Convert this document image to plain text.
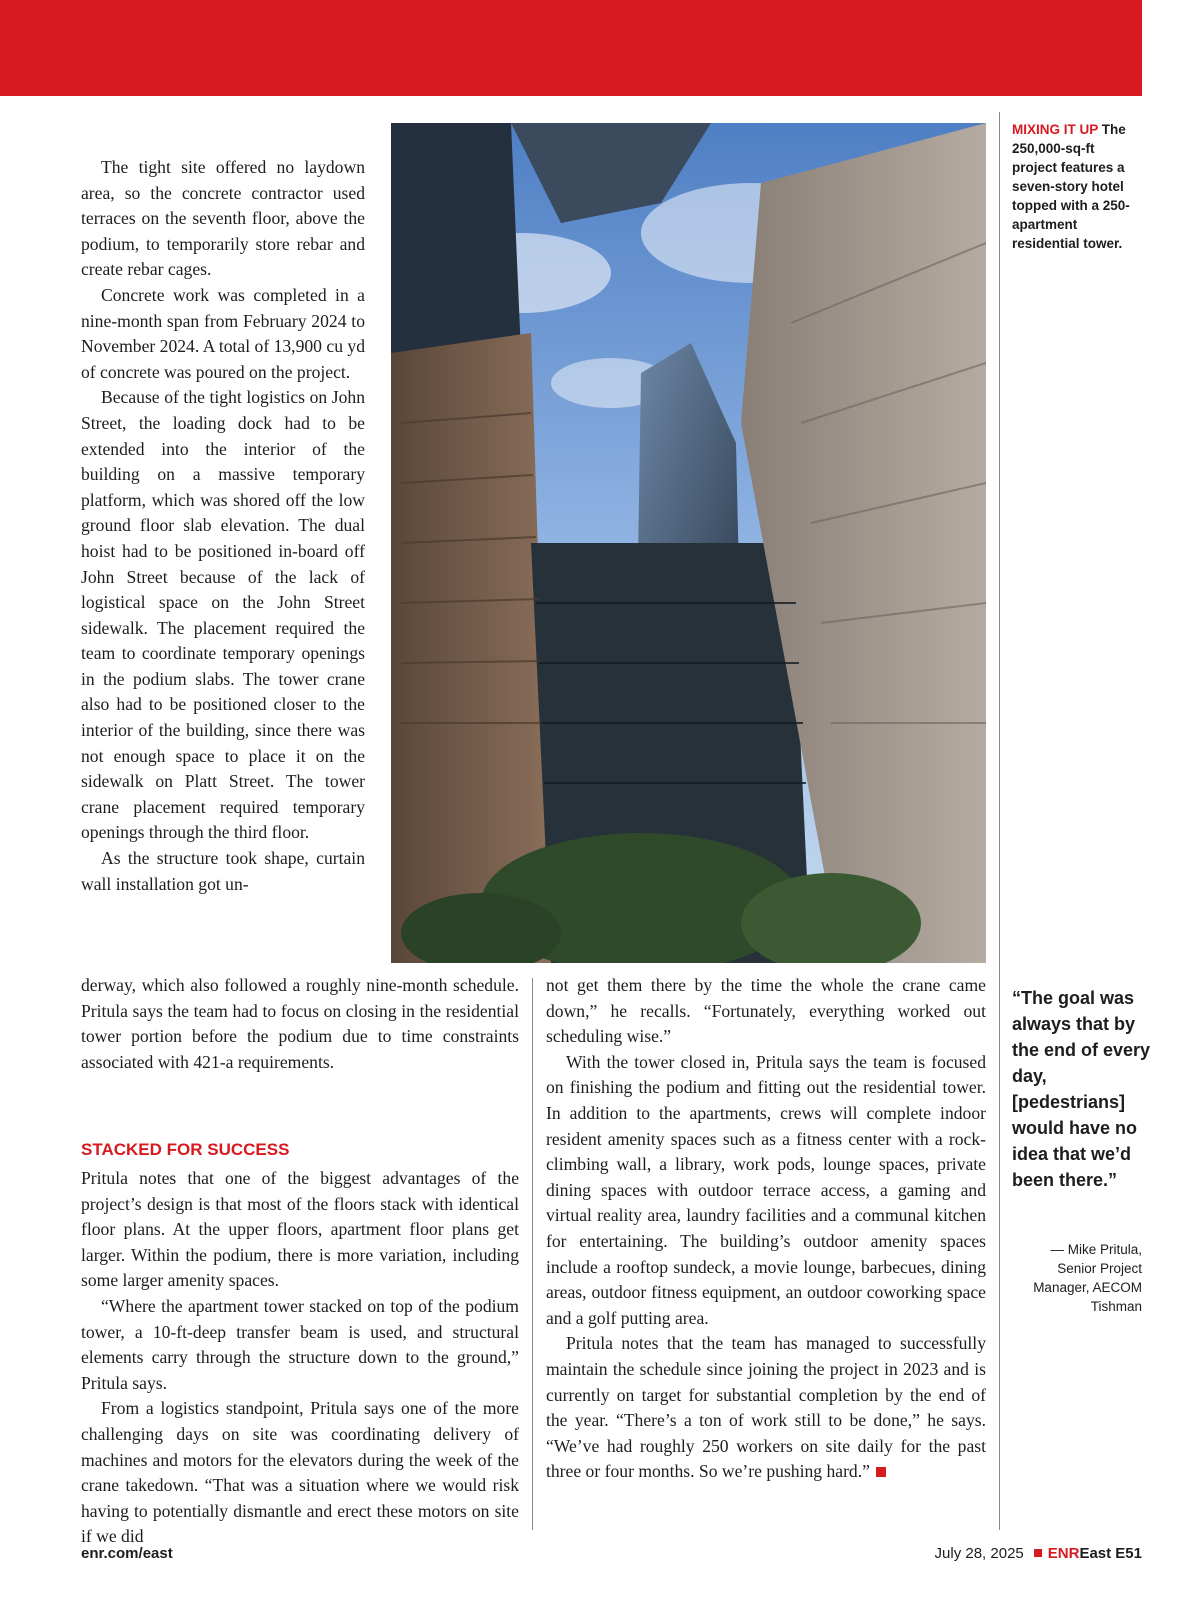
The tight site offered no laydown area, so the concrete contractor used terraces on the seventh floor, above the podium, to temporarily store rebar and create rebar cages.

Concrete work was completed in a nine-month span from February 2024 to November 2024. A total of 13,900 cu yd of concrete was poured on the project.

Because of the tight logistics on John Street, the loading dock had to be extended into the interior of the building on a massive temporary platform, which was shored off the low ground floor slab elevation. The dual hoist had to be positioned in-board off John Street because of the lack of logistical space on the John Street sidewalk. The placement required the team to coordinate temporary openings in the podium slabs. The tower crane also had to be positioned closer to the interior of the building, since there was not enough space to place it on the sidewalk on Platt Street. The tower crane placement required temporary openings through the third floor.

As the structure took shape, curtain wall installation got un-

derway, which also followed a roughly nine-month schedule. Pritula says the team had to focus on closing in the residential tower portion before the podium due to time constraints associated with 421-a requirements.

STACKED FOR SUCCESS

Pritula notes that one of the biggest advantages of the project’s design is that most of the floors stack with identical floor plans. At the upper floors, apartment floor plans get larger. Within the podium, there is more variation, including some larger amenity spaces.

“Where the apartment tower stacked on top of the podium tower, a 10-ft-deep transfer beam is used, and structural elements carry through the structure down to the ground,” Pritula says.

From a logistics standpoint, Pritula says one of the more challenging days on site was coordinating delivery of machines and motors for the elevators during the week of the crane takedown. “That was a situation where we would risk having to potentially dismantle and erect these motors on site if we did

not get them there by the time the whole the crane came down,” he recalls. “Fortunately, everything worked out scheduling wise.”

With the tower closed in, Pritula says the team is focused on finishing the podium and fitting out the residential tower. In addition to the apartments, crews will complete indoor resident amenity spaces such as a fitness center with a rock-climbing wall, a library, work pods, lounge spaces, private dining spaces with outdoor terrace access, a gaming and virtual reality area, laundry facilities and a communal kitchen for entertaining. The building’s outdoor amenity spaces include a rooftop sundeck, a movie lounge, barbecues, dining areas, outdoor fitness equipment, an outdoor coworking space and a golf putting area.

Pritula notes that the team has managed to successfully maintain the schedule since joining the project in 2023 and is currently on target for substantial completion by the end of the year. “There’s a ton of work still to be done,” he says. “We’ve had roughly 250 workers on site daily for the past three or four months. So we’re pushing hard.”

MIXING IT UP The 250,000-sq-ft project features a seven-story hotel topped with a 250-apartment residential tower.
“The goal was always that by the end of every day, [pedestrians] would have no idea that we’d been there.”
— Mike Pritula, Senior Project Manager, AECOM Tishman
enr.com/east	July 28, 2025 ENREast E51
